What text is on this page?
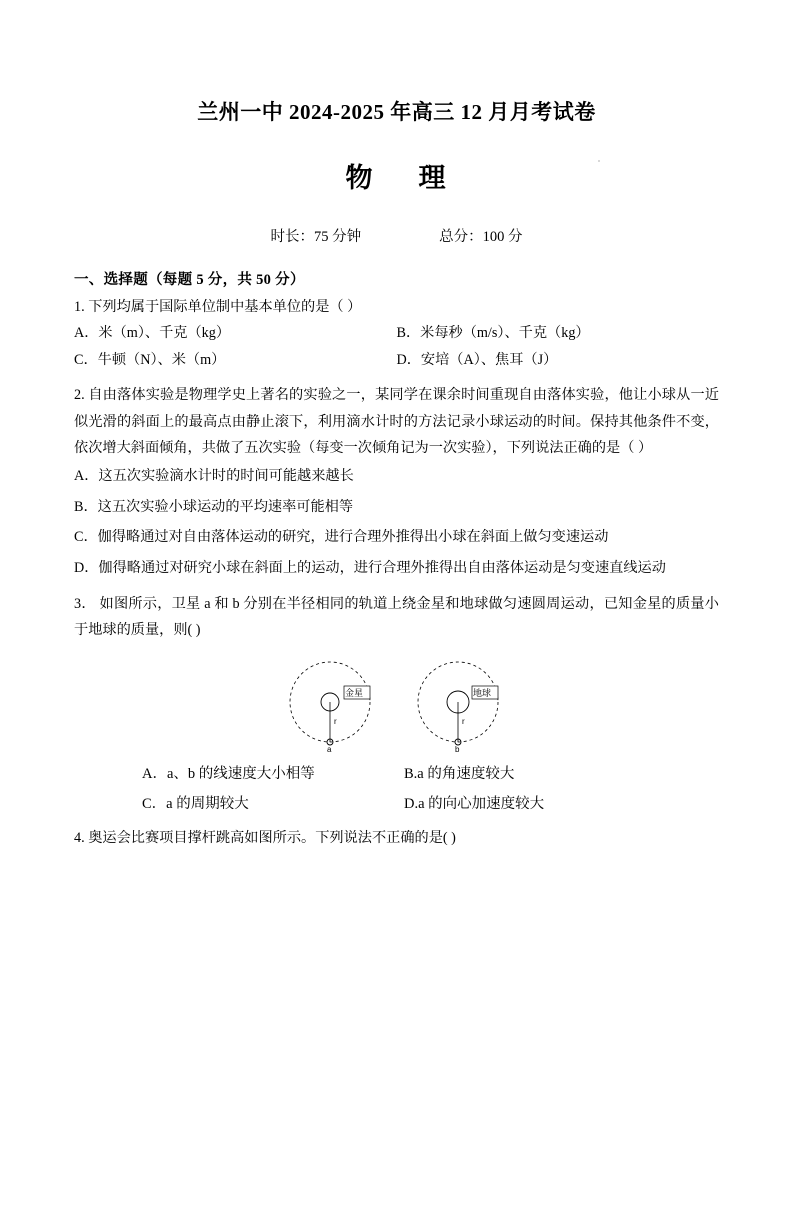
兰州一中 2024-2025 年高三 12 月月考试卷
物 理
时长：75 分钟	总分：100 分
一、选择题（每题 5 分，共 50 分）
1. 下列均属于国际单位制中基本单位的是（ ）
A．米（m）、千克（kg）	B．米每秒（m/s）、千克（kg）
C．牛顿（N）、米（m）	D．安培（A）、焦耳（J）
2. 自由落体实验是物理学史上著名的实验之一，某同学在课余时间重现自由落体实验，他让小球从一近似光滑的斜面上的最高点由静止滚下，利用滴水计时的方法记录小球运动的时间。保持其他条件不变，依次增大斜面倾角，共做了五次实验（每变一次倾角记为一次实验），下列说法正确的是（ ）
A．这五次实验滴水计时的时间可能越来越长
B．这五次实验小球运动的平均速率可能相等
C．伽得略通过对自由落体运动的研究，进行合理外推得出小球在斜面上做匀变速运动
D．伽得略通过对研究小球在斜面上的运动，进行合理外推得出自由落体运动是匀变速直线运动
3． 如图所示，卫星 a 和 b 分别在半径相同的轨道上绕金星和地球做匀速圆周运动，已知金星的质量小于地球的质量，则( )
r
金星
a
r
地球
b
A．a、b 的线速度大小相等	B.a 的角速度较大
C．a 的周期较大	D.a 的向心加速度较大
4. 奥运会比赛项目撑杆跳高如图所示。下列说法不正确的是( )
